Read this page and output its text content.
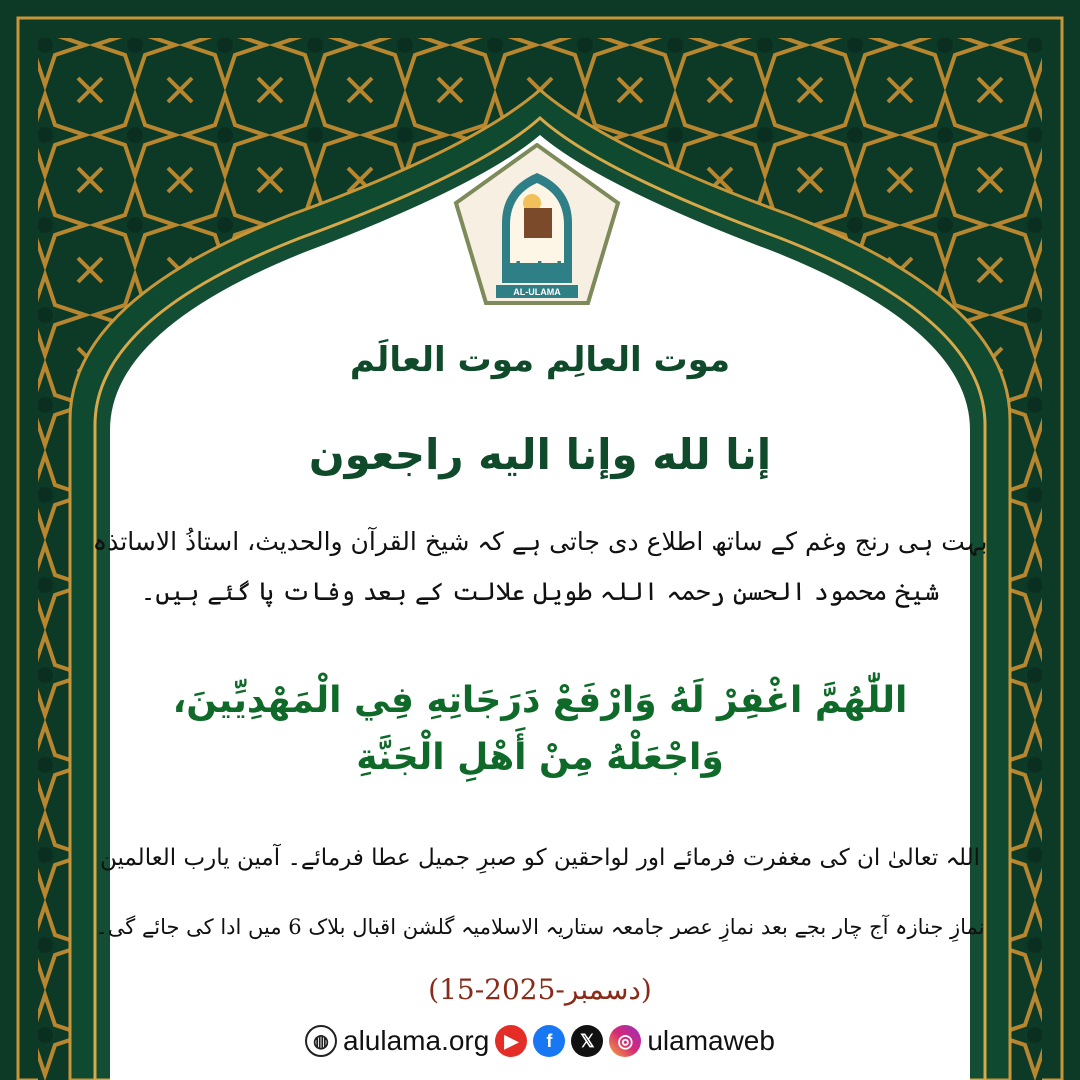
AL-ULAMA
العلماء
موت العالِم موت العالَم
إنا لله وإنا اليه راجعون
بہت ہی رنج وغم کے ساتھ اطلاع دی جاتی ہے کہ شیخ القرآن والحدیث، استاذُ الاساتذہ
شیخ محمود الحسن رحمہ اللہ طویل علالت کے بعد وفات پا گئے ہیں۔
اللّٰهُمَّ اغْفِرْ لَهُ وَارْفَعْ دَرَجَاتِهِ فِي الْمَهْدِيِّينَ،
وَاجْعَلْهُ مِنْ أَهْلِ الْجَنَّةِ
اللہ تعالیٰ ان کی مغفرت فرمائے اور لواحقین کو صبرِ جمیل عطا فرمائے۔ آمین یارب العالمین
نمازِ جنازہ آج چار بجے بعد نمازِ عصر جامعہ ستاریہ الاسلامیہ گلشن اقبال بلاک 6 میں ادا کی جائے گی۔
(15-دسمبر-2025)
◍ alulama.org ▶	f	𝕏	◎ ulamaweb
